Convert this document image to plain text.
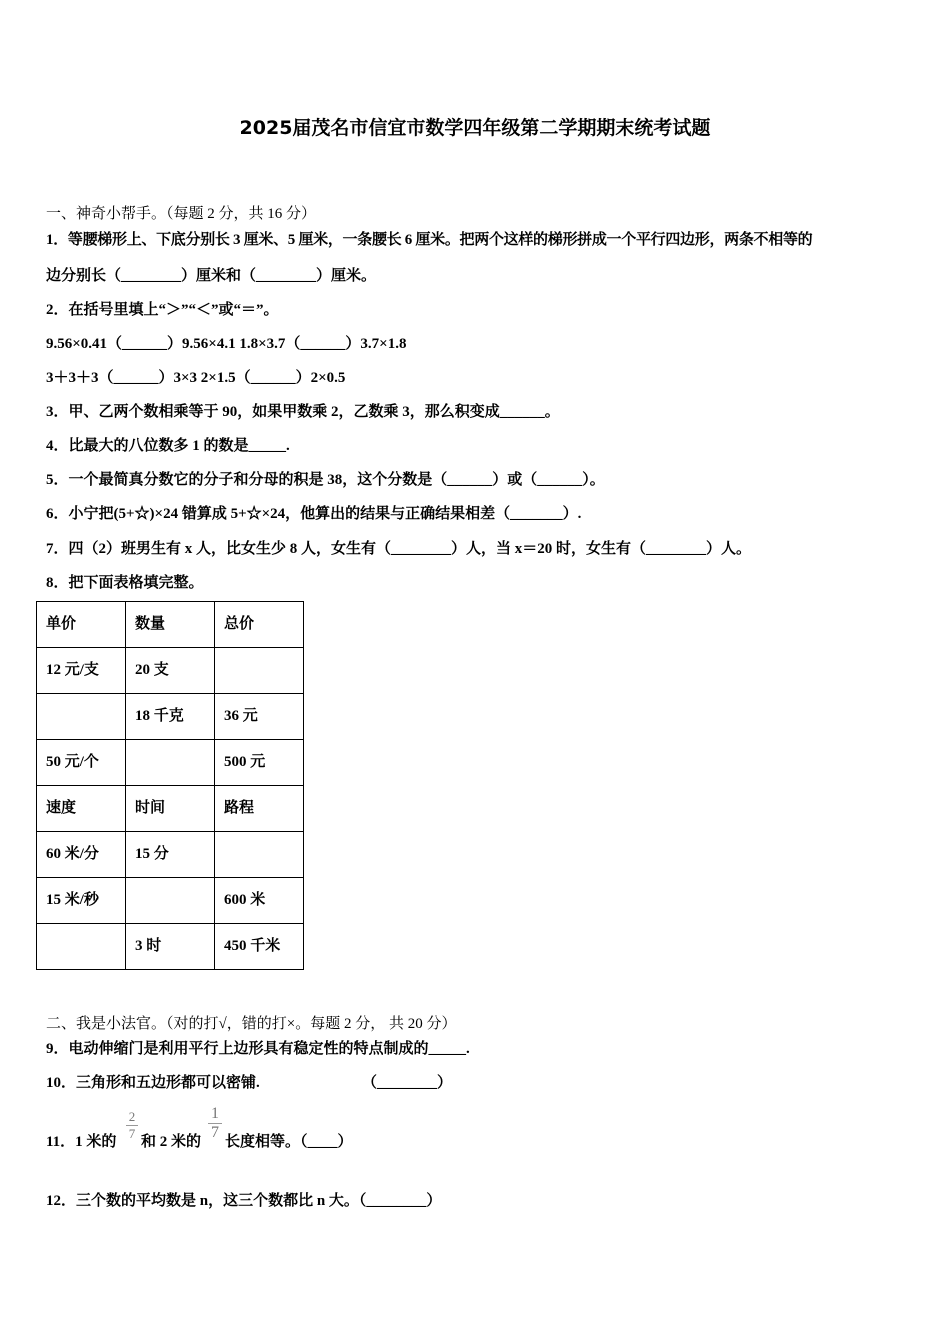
2025届茂名市信宜市数学四年级第二学期期末统考试题
一、神奇小帮手。（每题 2 分，共 16 分）
1．等腰梯形上、下底分别长 3 厘米、5 厘米，一条腰长 6 厘米。把两个这样的梯形拼成一个平行四边形，两条不相等的
边分别长（________）厘米和（________）厘米。
2．在括号里填上“＞”“＜”或“＝”。
9.56×0.41（______）9.56×4.1 1.8×3.7（______）3.7×1.8
3＋3＋3（______）3×3 2×1.5（______）2×0.5
3．甲、乙两个数相乘等于 90，如果甲数乘 2，乙数乘 3，那么积变成______。
4．比最大的八位数多 1 的数是_____.
5．一个最简真分数它的分子和分母的积是 38，这个分数是（______）或（______）。
6．小宁把(5+☆)×24 错算成 5+☆×24，他算出的结果与正确结果相差（_______）.
7．四（2）班男生有 x 人，比女生少 8 人，女生有（________）人，当 x＝20 时，女生有（________）人。
8．把下面表格填完整。
单价	数量	总价

12 元/支	20 支	

	18 千克	36 元

50 元/个		500 元

速度	时间	路程

60 米/分	15 分	

15 米/秒		600 米

	3 时	450 千米
二、我是小法官。（对的打√，错的打×。每题 2 分， 共 20 分）
9．电动伸缩门是利用平行上边形具有稳定性的特点制成的_____.
10．三角形和五边形都可以密铺.	（________）
11．1 米的
2
7
和 2 米的
1
7
长度相等。（____）
12．三个数的平均数是 n，这三个数都比 n 大。（________）
